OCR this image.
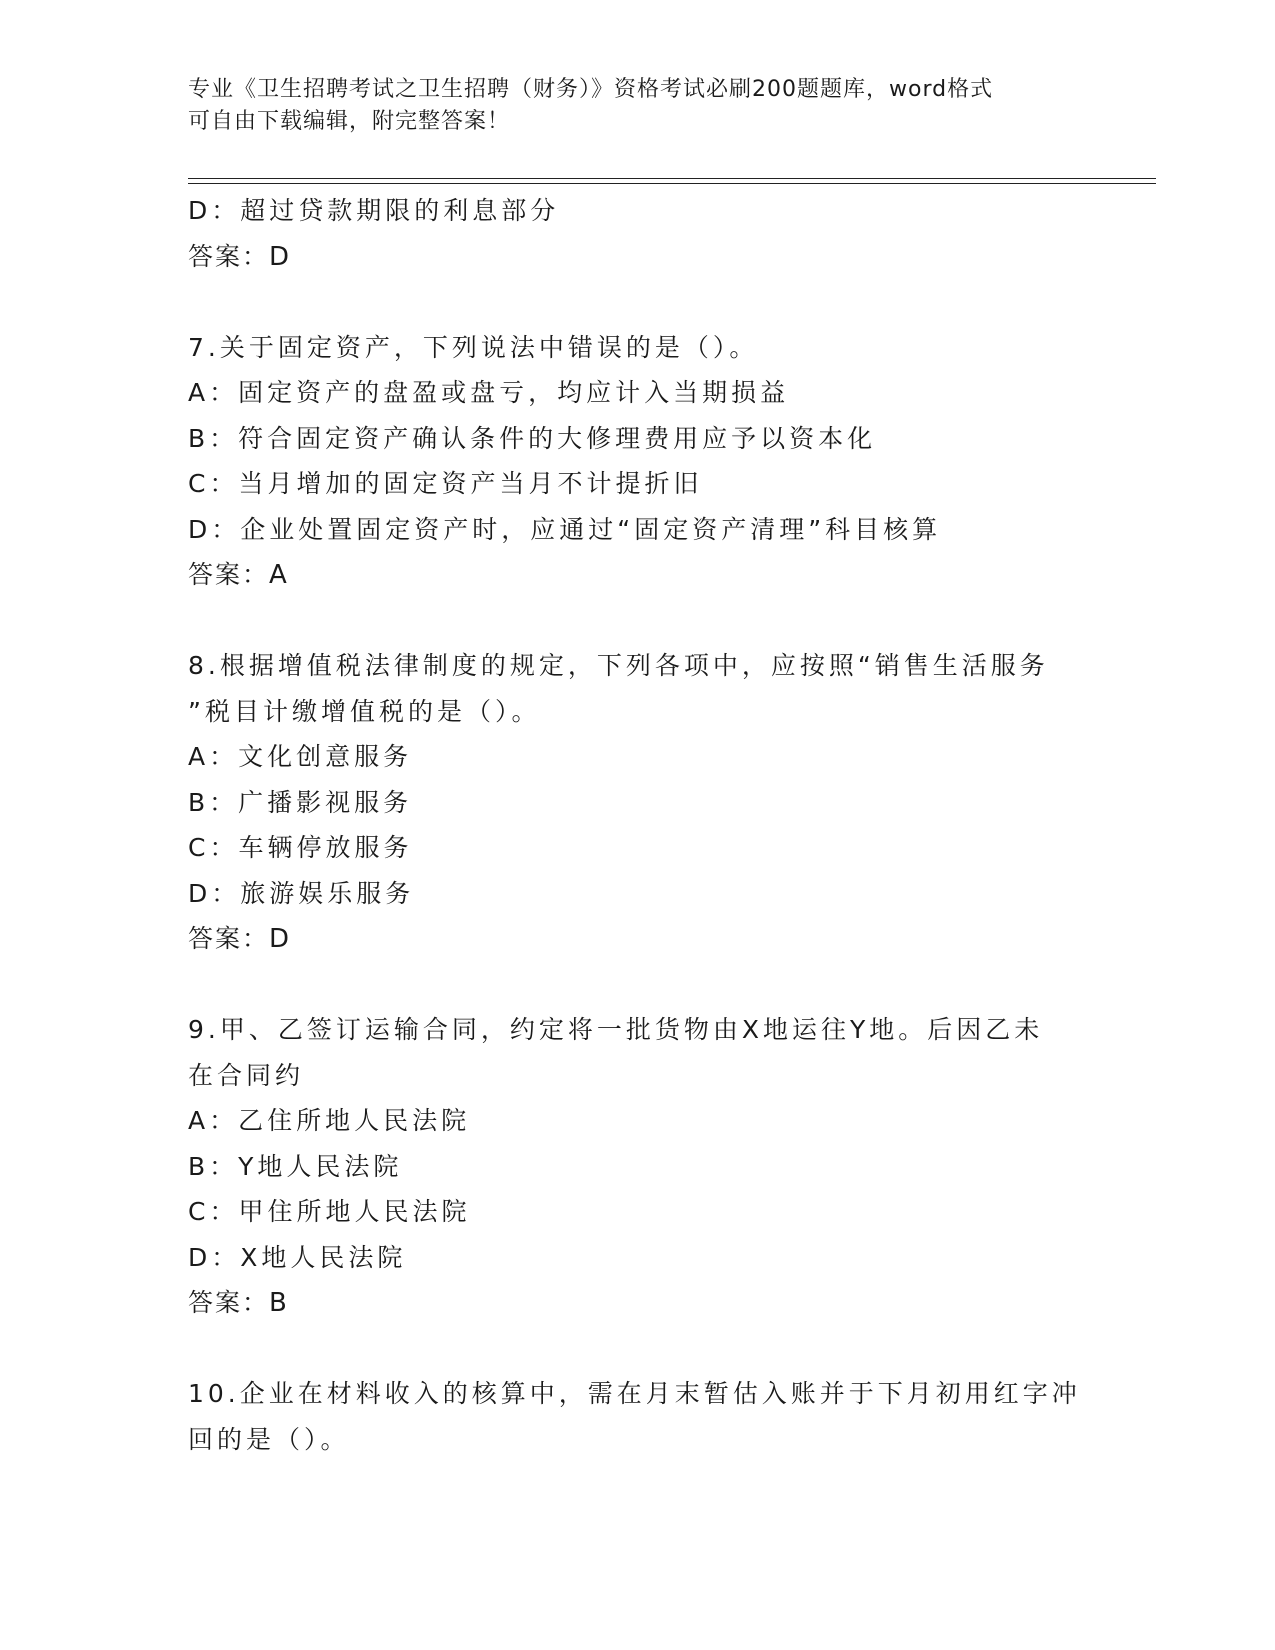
专业《卫生招聘考试之卫生招聘（财务）》资格考试必刷200题题库，word格式
可自由下载编辑，附完整答案！
D：超过贷款期限的利息部分
答案：D
7.关于固定资产，下列说法中错误的是（）。
A：固定资产的盘盈或盘亏，均应计入当期损益
B：符合固定资产确认条件的大修理费用应予以资本化
C：当月增加的固定资产当月不计提折旧
D：企业处置固定资产时，应通过“固定资产清理”科目核算
答案：A
8.根据增值税法律制度的规定，下列各项中，应按照“销售生活服务
”税目计缴增值税的是（）。
A：文化创意服务
B：广播影视服务
C：车辆停放服务
D：旅游娱乐服务
答案：D
9.甲、乙签订运输合同，约定将一批货物由X地运往Y地。后因乙未
在合同约
A：乙住所地人民法院
B：Y地人民法院
C：甲住所地人民法院
D：X地人民法院
答案：B
10.企业在材料收入的核算中，需在月末暂估入账并于下月初用红字冲
回的是（）。
